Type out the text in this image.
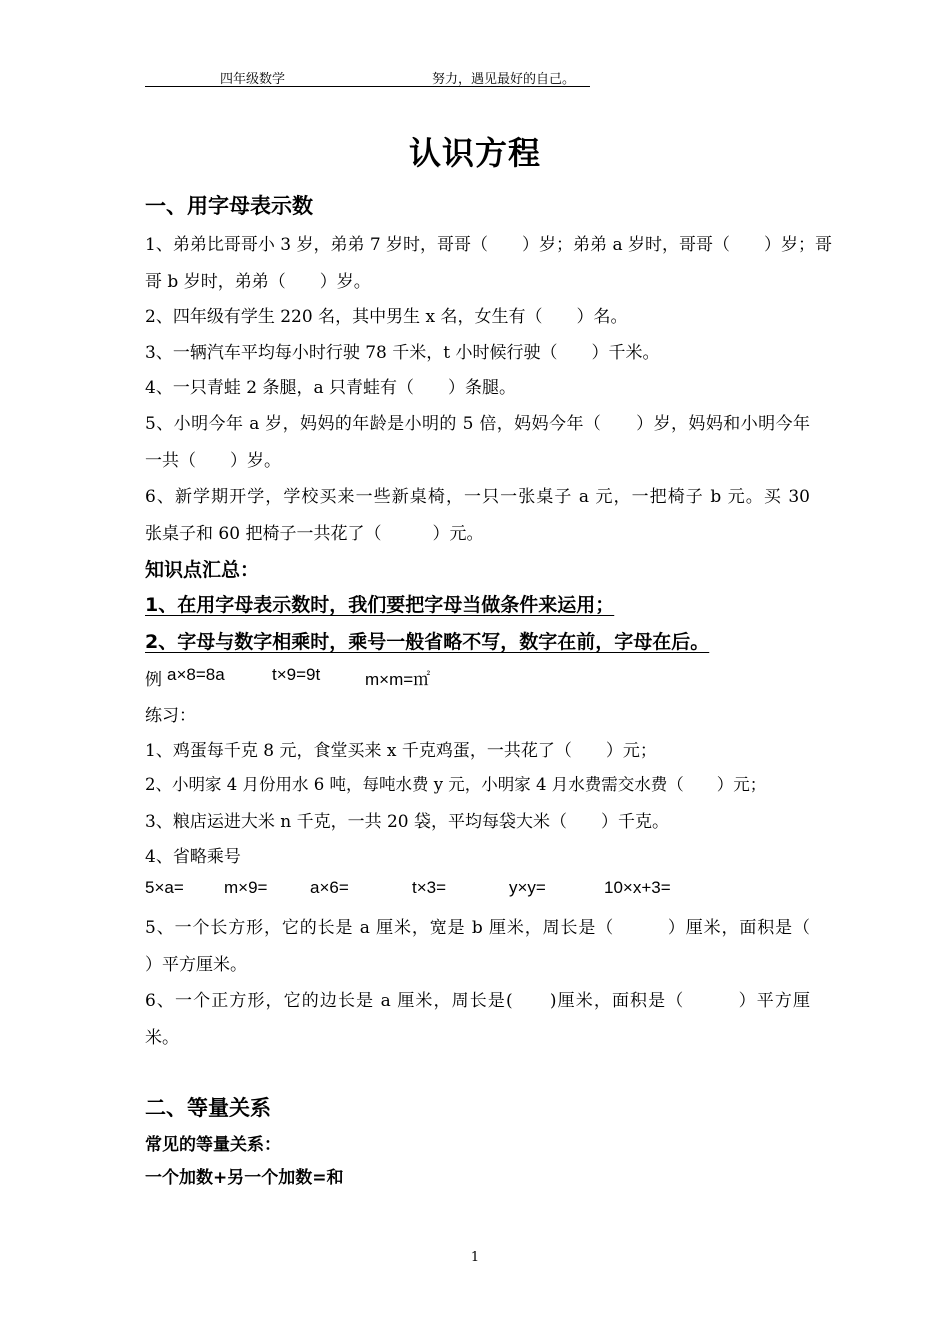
四年级数学	努力，遇见最好的自己。
认识方程
一、用字母表示数
1、弟弟比哥哥小 3 岁，弟弟 7 岁时，哥哥（　　）岁；弟弟 a 岁时，哥哥（　　）岁；哥
哥 b 岁时，弟弟（　　）岁。
2、四年级有学生 220 名，其中男生 x 名，女生有（　　）名。
3、一辆汽车平均每小时行驶 78 千米，t 小时候行驶（　　）千米。
4、一只青蛙 2 条腿，a 只青蛙有（　　）条腿。
5、小明今年 a 岁，妈妈的年龄是小明的 5 倍，妈妈今年（　　）岁，妈妈和小明今年
一共（　　）岁。
6、新学期开学，学校买来一些新桌椅，一只一张桌子 a 元，一把椅子 b 元。买 30
张桌子和 60 把椅子一共花了（　　　）元。
知识点汇总：
1、在用字母表示数时，我们要把字母当做条件来运用；
2、字母与数字相乘时，乘号一般省略不写，数字在前，字母在后。
例 a×8=8a	t×9=9t	m×m=㎡
练习：
1、鸡蛋每千克 8 元，食堂买来 x 千克鸡蛋，一共花了（　　）元；
2、小明家 4 月份用水 6 吨，每吨水费 y 元，小明家 4 月水费需交水费（　　）元；
3、粮店运进大米 n 千克，一共 20 袋，平均每袋大米（　　）千克。
4、省略乘号
5×a= m×9=	a×6=	t×3=	y×y=	10×x+3=
5、一个长方形，它的长是 a 厘米，宽是 b 厘米，周长是（　　　）厘米，面积是（
）平方厘米。
6、一个正方形，它的边长是 a 厘米，周长是(　　)厘米，面积是（　　　）平方厘
米。
二、等量关系
常见的等量关系：
一个加数+另一个加数=和
1
